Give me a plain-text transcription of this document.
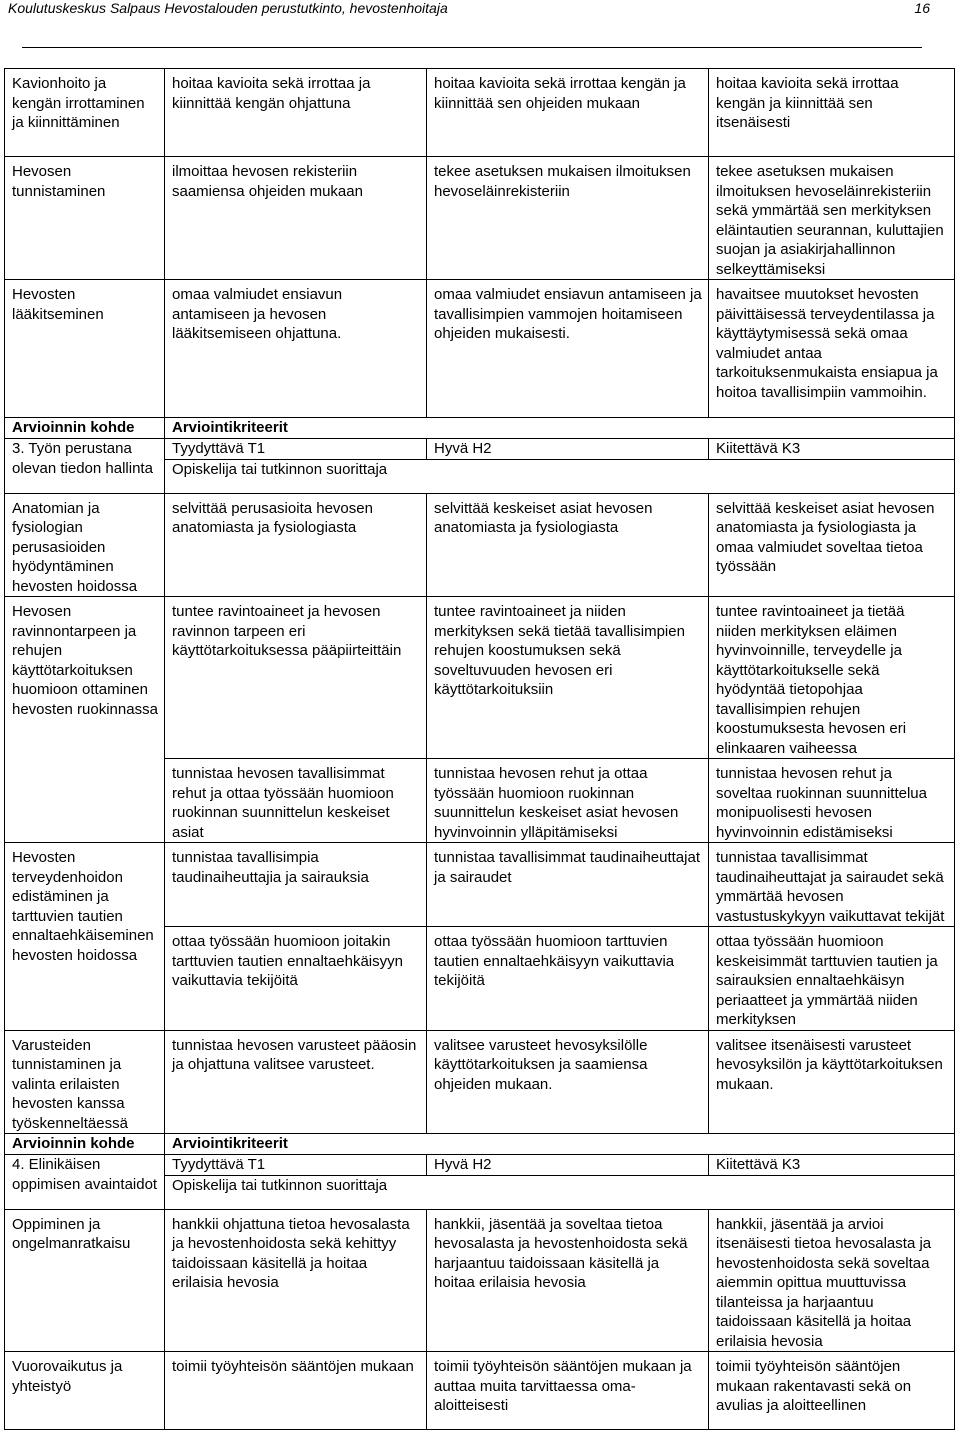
Koulutuskeskus Salpaus Hevostalouden perustutkinto, hevostenhoitaja	16
Kavionhoito ja kengän irrottaminen ja kiinnittäminen	hoitaa kavioita sekä irrottaa ja kiinnittää kengän ohjattuna	hoitaa kavioita sekä irrottaa kengän ja kiinnittää sen ohjeiden mukaan	hoitaa kavioita sekä irrottaa kengän ja kiinnittää sen itsenäisesti
Hevosen tunnistaminen	ilmoittaa hevosen rekisteriin saamiensa ohjeiden mukaan	tekee asetuksen mukaisen ilmoituksen hevoseläinrekisteriin	tekee asetuksen mukaisen ilmoituksen hevoseläinrekisteriin sekä ymmärtää sen merkityksen eläintautien seurannan, kuluttajien suojan ja asiakirjahallinnon selkeyttämiseksi
Hevosten lääkitseminen	omaa valmiudet ensiavun antamiseen ja hevosen lääkitsemiseen ohjattuna.	omaa valmiudet ensiavun antamiseen ja tavallisimpien vammojen hoitamiseen ohjeiden mukaisesti.	havaitsee muutokset hevosten päivittäisessä terveydentilassa ja käyttäytymisessä sekä omaa valmiudet antaa tarkoituksenmukaista ensiapua ja hoitoa tavallisimpiin vammoihin.
Arvioinnin kohde	Arviointikriteerit		
3. Työn perustana olevan tiedon hallinta	Tyydyttävä T1	Hyvä H2	Kiitettävä K3
	Opiskelija tai tutkinnon suorittaja		
Anatomian ja fysiologian perusasioiden hyödyntäminen hevosten hoidossa	selvittää perusasioita hevosen anatomiasta ja fysiologiasta	selvittää keskeiset asiat hevosen anatomiasta ja fysiologiasta	selvittää keskeiset asiat hevosen anatomiasta ja fysiologiasta ja omaa valmiudet soveltaa tietoa työssään
Hevosen ravinnontarpeen ja rehujen käyttötarkoituksen huomioon ottaminen hevosten ruokinnassa	tuntee ravintoaineet ja hevosen ravinnon tarpeen eri käyttötarkoituksessa pääpiirteittäin	tuntee ravintoaineet ja niiden merkityksen sekä tietää tavallisimpien rehujen koostumuksen sekä soveltuvuuden hevosen eri käyttötarkoituksiin	tuntee ravintoaineet ja tietää niiden merkityksen eläimen hyvinvoinnille, terveydelle ja käyttötarkoitukselle sekä hyödyntää tietopohjaa tavallisimpien rehujen koostumuksesta hevosen eri elinkaaren vaiheessa
	tunnistaa hevosen tavallisimmat rehut ja ottaa työssään huomioon ruokinnan suunnittelun keskeiset asiat	tunnistaa hevosen rehut ja ottaa työssään huomioon ruokinnan suunnittelun keskeiset asiat hevosen hyvinvoinnin ylläpitämiseksi	tunnistaa hevosen rehut ja soveltaa ruokinnan suunnittelua monipuolisesti hevosen hyvinvoinnin edistämiseksi
Hevosten terveydenhoidon edistäminen ja tarttuvien tautien ennaltaehkäiseminen hevosten hoidossa	tunnistaa tavallisimpia taudinaiheuttajia ja sairauksia	tunnistaa tavallisimmat taudinaiheuttajat ja sairaudet	tunnistaa tavallisimmat taudinaiheuttajat ja sairaudet sekä ymmärtää hevosen vastustuskykyyn vaikuttavat tekijät
	ottaa työssään huomioon joitakin tarttuvien tautien ennaltaehkäisyyn vaikuttavia tekijöitä	ottaa työssään huomioon tarttuvien tautien ennaltaehkäisyyn vaikuttavia tekijöitä	ottaa työssään huomioon keskeisimmät tarttuvien tautien ja sairauksien ennaltaehkäisyn periaatteet ja ymmärtää niiden merkityksen
Varusteiden tunnistaminen ja valinta erilaisten hevosten kanssa työskenneltäessä	tunnistaa hevosen varusteet pääosin ja ohjattuna valitsee varusteet.	valitsee varusteet hevosyksilölle käyttötarkoituksen ja saamiensa ohjeiden mukaan.	valitsee itsenäisesti varusteet hevosyksilön ja käyttötarkoituksen mukaan.
Arvioinnin kohde	Arviointikriteerit		
4. Elinikäisen oppimisen avaintaidot	Tyydyttävä T1	Hyvä H2	Kiitettävä K3
	Opiskelija tai tutkinnon suorittaja		
Oppiminen ja ongelmanratkaisu	hankkii ohjattuna tietoa hevosalasta ja hevostenhoidosta sekä kehittyy taidoissaan käsitellä ja hoitaa erilaisia hevosia	hankkii, jäsentää ja soveltaa tietoa hevosalasta ja hevostenhoidosta sekä harjaantuu taidoissaan käsitellä ja hoitaa erilaisia hevosia	hankkii, jäsentää ja arvioi itsenäisesti tietoa hevosalasta ja hevostenhoidosta sekä soveltaa aiemmin opittua muuttuvissa tilanteissa ja harjaantuu taidoissaan käsitellä ja hoitaa erilaisia hevosia
Vuorovaikutus ja yhteistyö	toimii työyhteisön sääntöjen mukaan	toimii työyhteisön sääntöjen mukaan ja auttaa muita tarvittaessa oma-aloitteisesti	toimii työyhteisön sääntöjen mukaan rakentavasti sekä on avulias ja aloitteellinen
